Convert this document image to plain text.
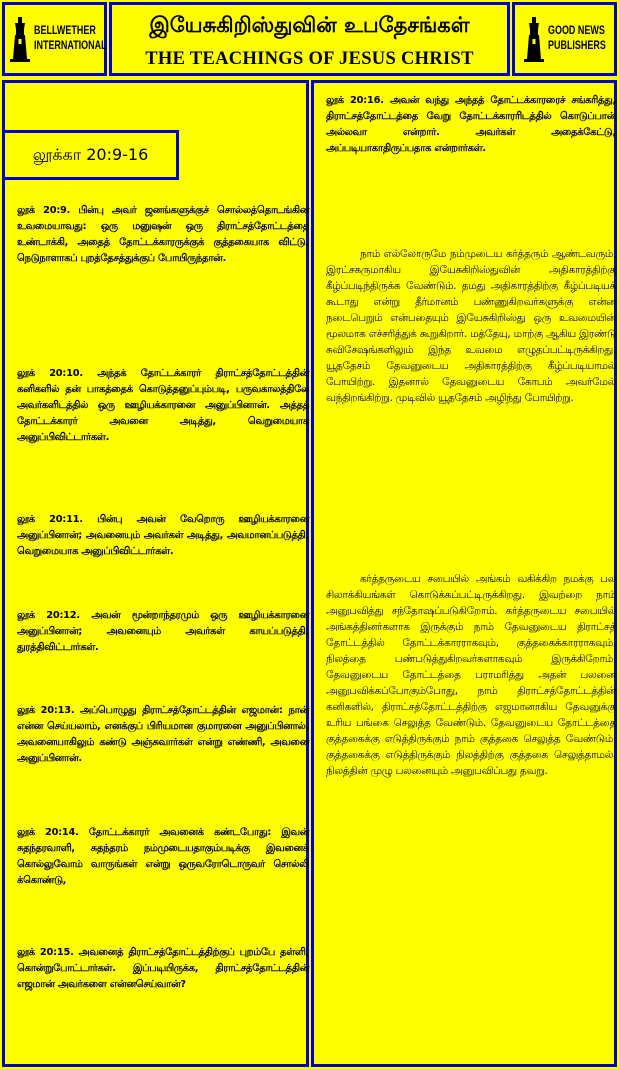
BELLWETHER
INTERNATIONAL
இயேசுகிறிஸ்துவின் உபதேசங்கள்
THE TEACHINGS OF JESUS CHRIST
GOOD NEWS
PUBLISHERS

லூக் 20:9. பின்பு அவர் ஜனங்களுக்குச் சொல்லத்தொடங்கின உவமையாவது: ஒரு மனுஷன் ஒரு திராட்சத்தோட்டத்தை உண்டாக்கி, அதைத் தோட்டக்காரருக்குக் குத்தகையாக விட்டு, நெடுநாளாகப் புறத்தேசத்துக்குப் போயிருந்தான்.

லூக் 20:10. அந்தக் தோட்டக்காரர் திராட்சத்தோட்டத்தின் கனிகளில் தன் பாகத்தைக் கொடுத்தனுப்பும்படி, பருவகாலத்திலே அவர்களிடத்தில் ஒரு ஊழியக்காரனை அனுப்பினான். அத்தத் தோட்டக்காரர் அவனை அடித்து, வெறுமையாக அனுப்பிவிட்டார்கள்.

லூக் 20:11. பின்பு அவன் வேறொரு ஊழியக்காரனை அனுப்பினான்; அவனையும் அவர்கள் அடித்து, அவமானப்படுத்தி, வெறுமையாக அனுப்பிவிட்டார்கள்.

லூக் 20:12. அவன் மூன்றாந்தரமும் ஒரு ஊழியக்காரனை அனுப்பினான்; அவனையும் அவர்கள் காயப்படுத்தி, துரத்திவிட்டார்கள்.

லூக் 20:13. அப்பொழுது திராட்சத்தோட்டத்தின் எஜமான்: நான் என்ன செய்யலாம், எனக்குப் பிரியமான குமாரனை அனுப்பினால், அவனையாகிலும் கண்டு அஞ்சுவார்கள் என்று எண்ணி, அவனை அனுப்பினான்.

லூக் 20:14. தோட்டக்காரர் அவனைக் கண்டபோது: இவன் சுதந்தரவாளி, சுதந்தரம் நம்முடையதாகும்படிக்கு இவனைக் கொல்லுவோம் வாருங்கள் என்று ஒருவரோடொருவர் சொல்லி க்கொண்டு,

லூக் 20:15. அவனைத் திராட்சத்தோட்டத்திற்குப் புறம்பே தள்ளி, கொன்றுபோட்டார்கள். இப்படியிருக்க, திராட்சத்தோட்டத்தின் எஜமான் அவர்களை என்னசெய்வான்?

லூக்கா 20:9-16

லூக் 20:16. அவன் வந்து அந்தத் தோட்டக்காரரைச் சங்கரித்து, திராட்சத்தோட்டத்தை வேறு தோட்டக்காரரிடத்தில் கொடுப்பான் அல்லவா என்றார். அவர்கள் அதைக்கேட்டு, அப்படியாகாதிருப்பதாக என்றார்கள்.

நாம் எல்லோருமே நம்முடைய கர்த்தரும் ஆண்டவரும், இரட்சகருமாகிய இயேசுகிறிஸ்துவின் அதிகாரத்திற்கு கீழ்ப்படிந்திருக்க வேண்டும். தமது அதிகாரத்திற்கு கீழ்ப்படியக் கூடாது என்று தீர்மானம் பண்ணுகிறவர்களுக்கு என்ன நடைபெறும் என்பதையும் இயேசுகிறிஸ்து ஒரு உவமையின் மூலமாக எச்சரித்துக் கூறுகிறார். மத்தேயு, மாற்கு ஆகிய இரண்டு சுவிசேஷங்களிலும் இந்த உவமை எழுதப்பட்டிருக்கிறது. யூததேசம் தேவனுடைய அதிகாரத்திற்கு கீழ்ப்படியாமல் போயிற்று. இதனால் தேவனுடைய கோபம் அவர்மேல் வந்திறங்கிற்று. முடிவில் யூததேசம் அழிந்து போயிற்று.

கர்த்தருடைய சபையில் அங்கம் வகிக்கிற நமக்கு பல சிலாக்கியங்கள் கொடுக்கப்பட்டிருக்கிறது. இவற்றை நாம் அனுபவித்து சந்தோஷப்படுகிறோம். கர்த்தருடைய சபையில் அங்கத்தினர்களாக இருக்கும் நாம் தேவனுடைய திராட்சத் தோட்டத்தில் தோட்டக்காரராகவும், குத்தகைக்காரராகவும், நிலத்தை பண்படுத்துகிறவர்களாகவும் இருக்கிறோம். தேவனுடைய தோட்டத்தை பராமரித்து அதன் பலனை அனுபவிக்கப்போகும்போது, நாம் திராட்சத்தோட்டத்தின் கனிகளில், திராட்சத்தோட்டத்திற்கு எஜமானாகிய தேவனுக்கு உரிய பங்கை செலுத்த வேண்டும். தேவனுடைய தோட்டத்தை குத்தகைக்கு எடுத்திருக்கும் நாம் குத்தகை செலுத்த வேண்டும். குத்தகைக்கு எடுத்திருக்கும் நிலத்திற்கு குத்தகை செலுத்தாமல், நிலத்தின் முழு பலனையும் அனுபவிப்பது தவறு.
